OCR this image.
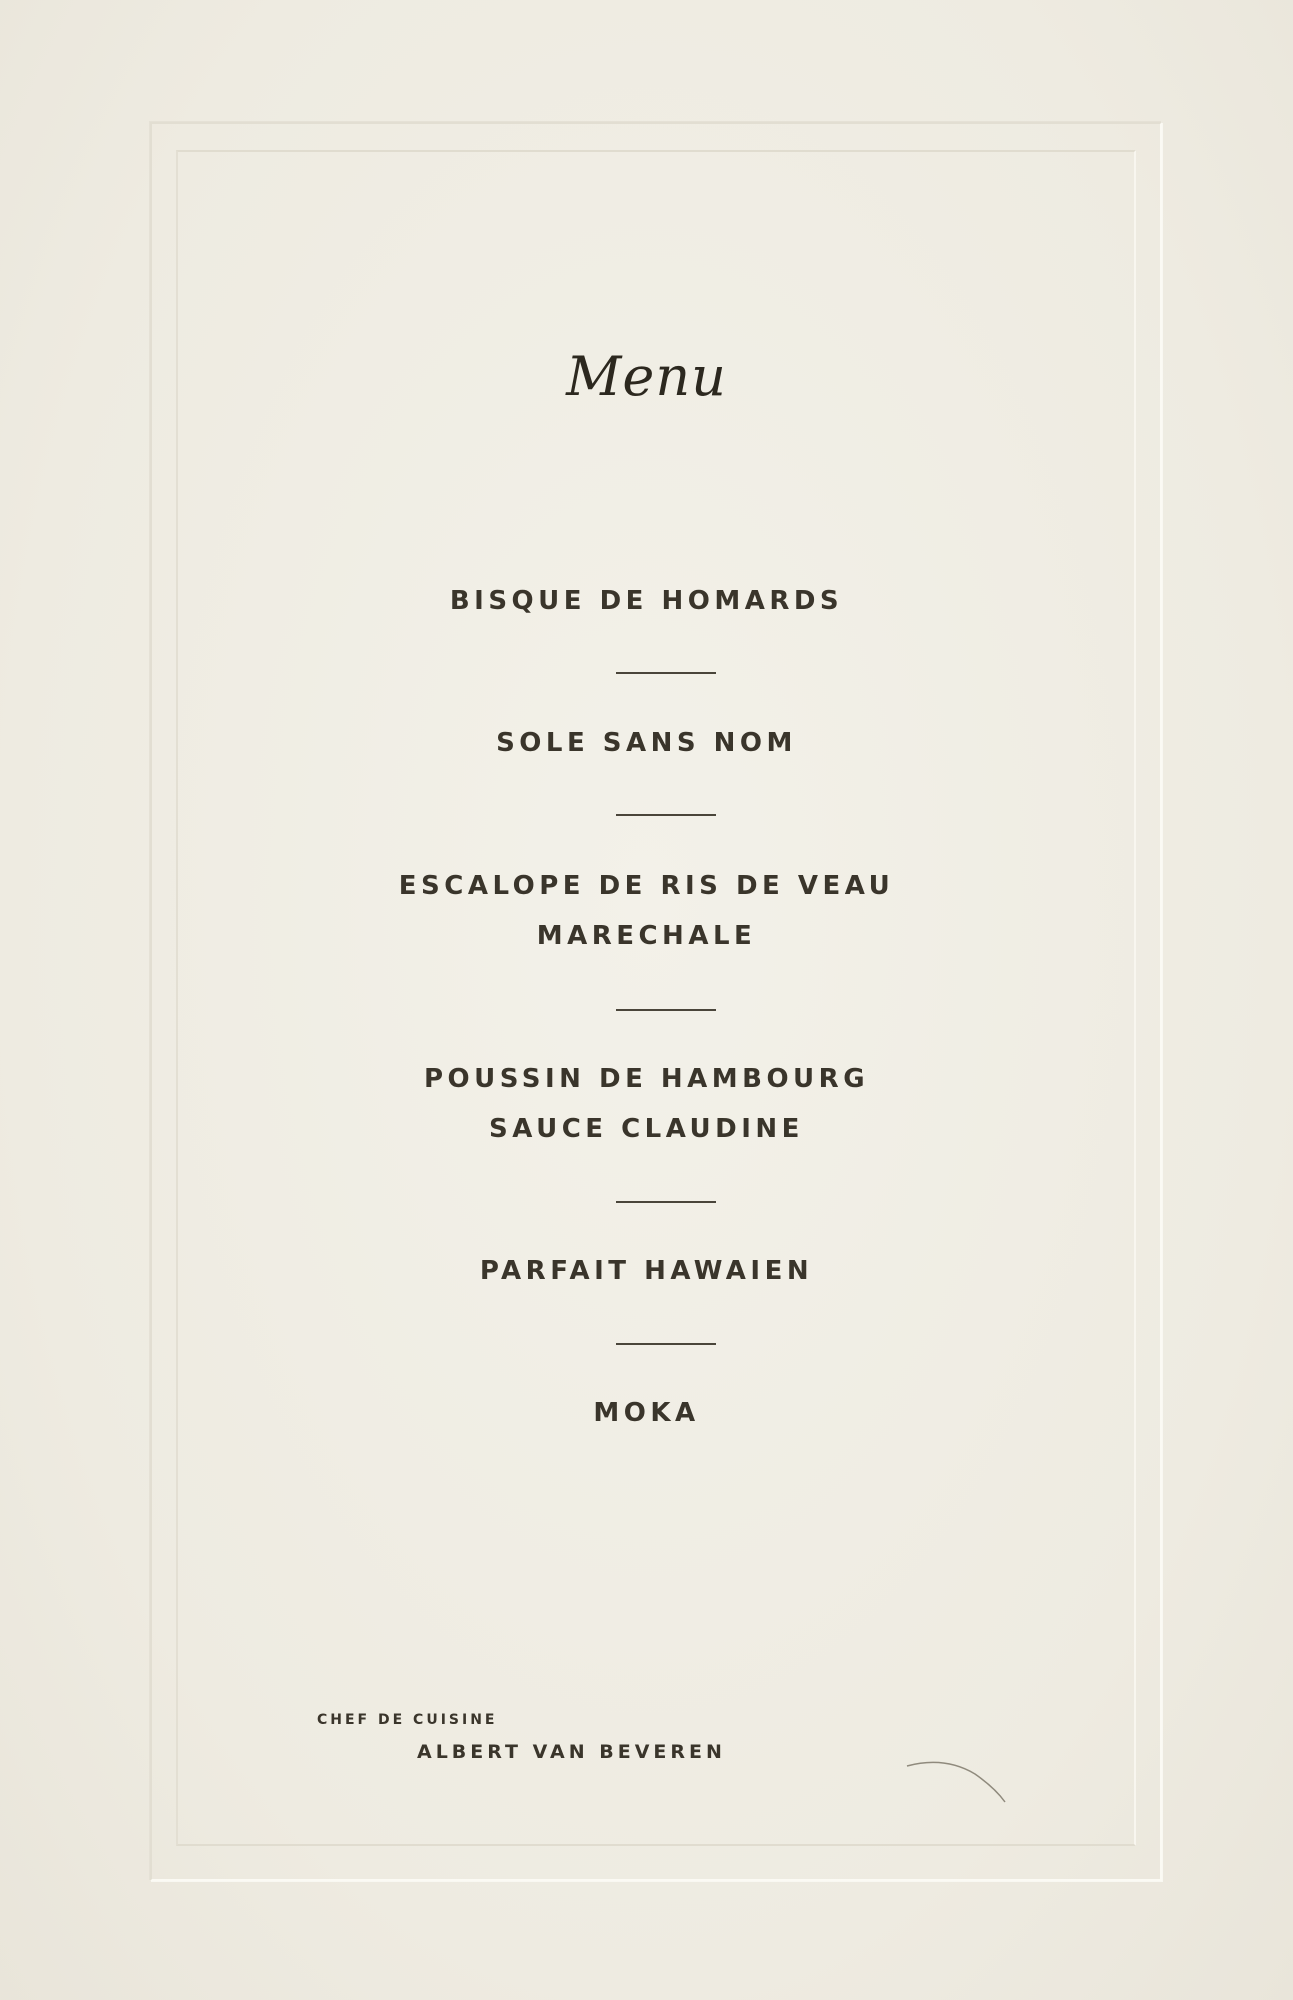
Menu
BISQUE DE HOMARDS
SOLE SANS NOM
ESCALOPE DE RIS DE VEAU
MARECHALE
POUSSIN DE HAMBOURG
SAUCE CLAUDINE
PARFAIT HAWAIEN
MOKA
CHEF DE CUISINE
ALBERT VAN BEVEREN
